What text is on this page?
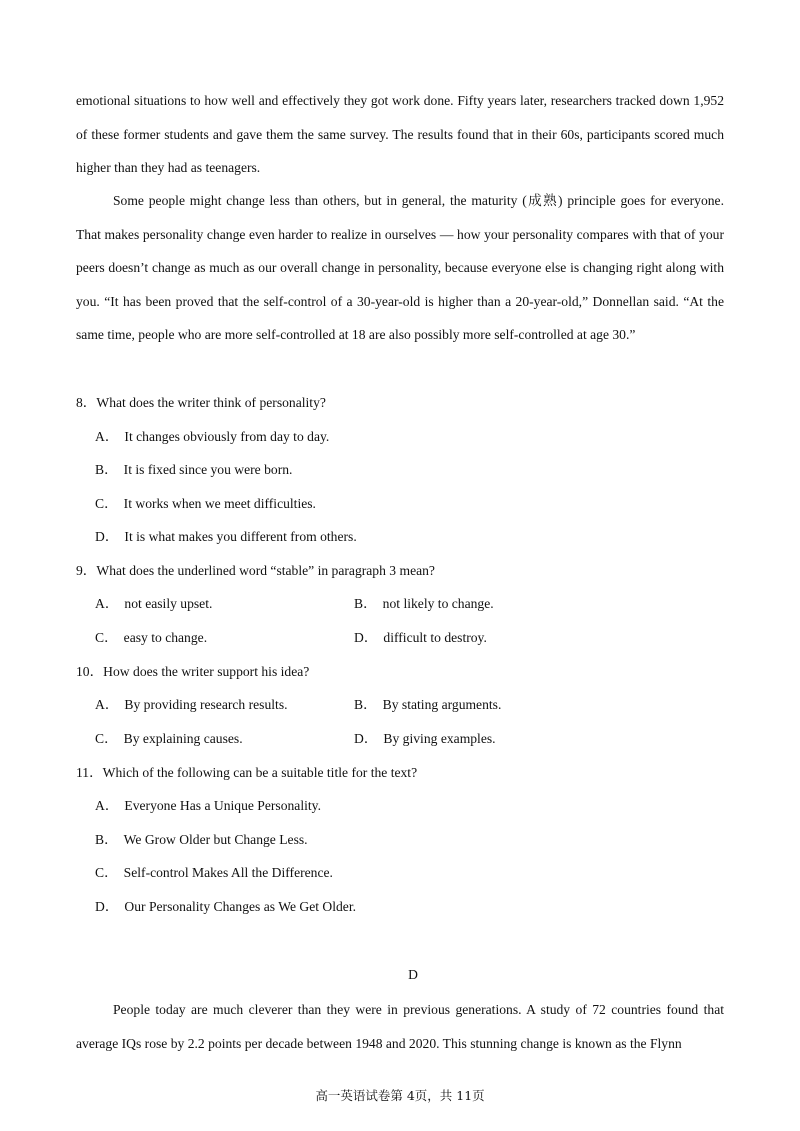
emotional situations to how well and effectively they got work done. Fifty years later, researchers tracked down 1,952 of these former students and gave them the same survey. The results found that in their 60s, participants scored much higher than they had as teenagers.
Some people might change less than others, but in general, the maturity (成熟) principle goes for everyone. That makes personality change even harder to realize in ourselves — how your personality compares with that of your peers doesn’t change as much as our overall change in personality, because everyone else is changing right along with you. “It has been proved that the self-control of a 30-year-old is higher than a 20-year-old,” Donnellan said. “At the same time, people who are more self-controlled at 18 are also possibly more self-controlled at age 30.”
8．What does the writer think of personality?
A． It changes obviously from day to day.
B． It is fixed since you were born.
C． It works when we meet difficulties.
D． It is what makes you different from others.
9．What does the underlined word “stable” in paragraph 3 mean?
A． not easily upset.	B． not likely to change.
C． easy to change.	D． difficult to destroy.
10．How does the writer support his idea?
A． By providing research results.	B． By stating arguments.
C． By explaining causes.	D． By giving examples.
11．Which of the following can be a suitable title for the text?
A． Everyone Has a Unique Personality.
B． We Grow Older but Change Less.
C． Self-control Makes All the Difference.
D． Our Personality Changes as We Get Older.
D
People today are much cleverer than they were in previous generations. A study of 72 countries found that average IQs rose by 2.2 points per decade between 1948 and 2020. This stunning change is known as the Flynn
高一英语试卷第 4页，共 11页
